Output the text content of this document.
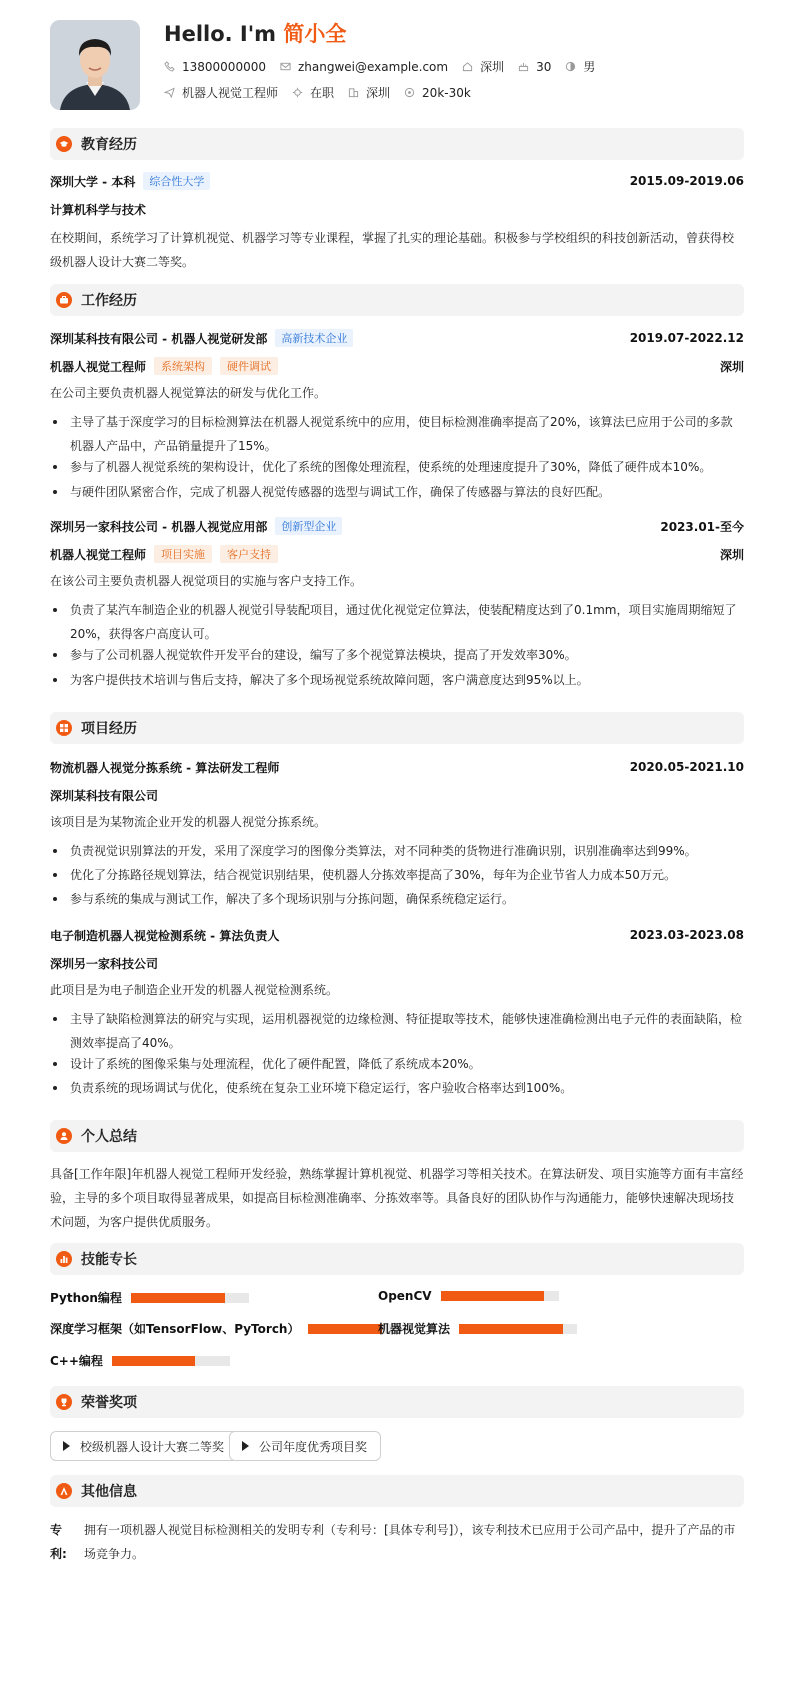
Hello. I'm 简小全
13800000000	zhangwei@example.com	深圳	30	男
机器人视觉工程师	在职	深圳	20k-30k
教育经历
深圳大学 - 本科	综合性大学	2015.09-2019.06
计算机科学与技术
在校期间，系统学习了计算机视觉、机器学习等专业课程，掌握了扎实的理论基础。积极参与学校组织的科技创新活动，曾获得校级机器人设计大赛二等奖。
工作经历
深圳某科技有限公司 - 机器人视觉研发部	高新技术企业	2019.07-2022.12
机器人视觉工程师	系统架构	硬件调试	深圳
在公司主要负责机器人视觉算法的研发与优化工作。
主导了基于深度学习的目标检测算法在机器人视觉系统中的应用，使目标检测准确率提高了20%，该算法已应用于公司的多款机器人产品中，产品销量提升了15%。
参与了机器人视觉系统的架构设计，优化了系统的图像处理流程，使系统的处理速度提升了30%，降低了硬件成本10%。
与硬件团队紧密合作，完成了机器人视觉传感器的选型与调试工作，确保了传感器与算法的良好匹配。
深圳另一家科技公司 - 机器人视觉应用部	创新型企业	2023.01-至今
机器人视觉工程师	项目实施	客户支持	深圳
在该公司主要负责机器人视觉项目的实施与客户支持工作。
负责了某汽车制造企业的机器人视觉引导装配项目，通过优化视觉定位算法，使装配精度达到了0.1mm，项目实施周期缩短了20%，获得客户高度认可。
参与了公司机器人视觉软件开发平台的建设，编写了多个视觉算法模块，提高了开发效率30%。
为客户提供技术培训与售后支持，解决了多个现场视觉系统故障问题，客户满意度达到95%以上。
项目经历
物流机器人视觉分拣系统 - 算法研发工程师	2020.05-2021.10
深圳某科技有限公司
该项目是为某物流企业开发的机器人视觉分拣系统。
负责视觉识别算法的开发，采用了深度学习的图像分类算法，对不同种类的货物进行准确识别，识别准确率达到99%。
优化了分拣路径规划算法，结合视觉识别结果，使机器人分拣效率提高了30%，每年为企业节省人力成本50万元。
参与系统的集成与测试工作，解决了多个现场识别与分拣问题，确保系统稳定运行。
电子制造机器人视觉检测系统 - 算法负责人	2023.03-2023.08
深圳另一家科技公司
此项目是为电子制造企业开发的机器人视觉检测系统。
主导了缺陷检测算法的研究与实现，运用机器视觉的边缘检测、特征提取等技术，能够快速准确检测出电子元件的表面缺陷，检测效率提高了40%。
设计了系统的图像采集与处理流程，优化了硬件配置，降低了系统成本20%。
负责系统的现场调试与优化，使系统在复杂工业环境下稳定运行，客户验收合格率达到100%。
个人总结
具备[工作年限]年机器人视觉工程师开发经验，熟练掌握计算机视觉、机器学习等相关技术。在算法研发、项目实施等方面有丰富经验，主导的多个项目取得显著成果，如提高目标检测准确率、分拣效率等。具备良好的团队协作与沟通能力，能够快速解决现场技术问题，为客户提供优质服务。
技能专长
Python编程	OpenCV
深度学习框架（如TensorFlow、PyTorch）	机器视觉算法
C++编程
荣誉奖项
校级机器人设计大赛二等奖	公司年度优秀项目奖
其他信息
专利:
拥有一项机器人视觉目标检测相关的发明专利（专利号：[具体专利号]），该专利技术已应用于公司产品中，提升了产品的市场竞争力。
